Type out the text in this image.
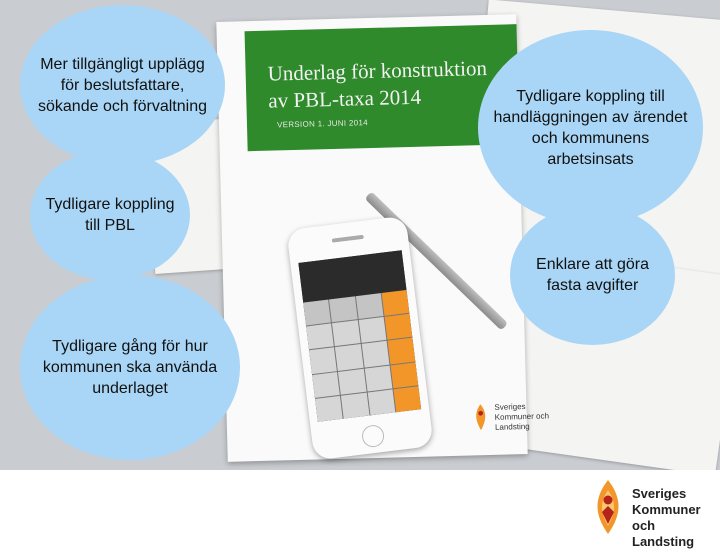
Underlag för konstruktion av PBL-taxa 2014
VERSION 1. JUNI 2014
Sveriges Kommuner och Landsting
Mer tillgängligt upplägg för beslutsfattare, sökande och förvaltning
Tydligare koppling till PBL
Tydligare gång för hur kommunen ska använda underlaget
Tydligare koppling till handläggningen av ärendet och kommunens arbetsinsats
Enklare att göra fasta avgifter
Sveriges Kommuner och Landsting
